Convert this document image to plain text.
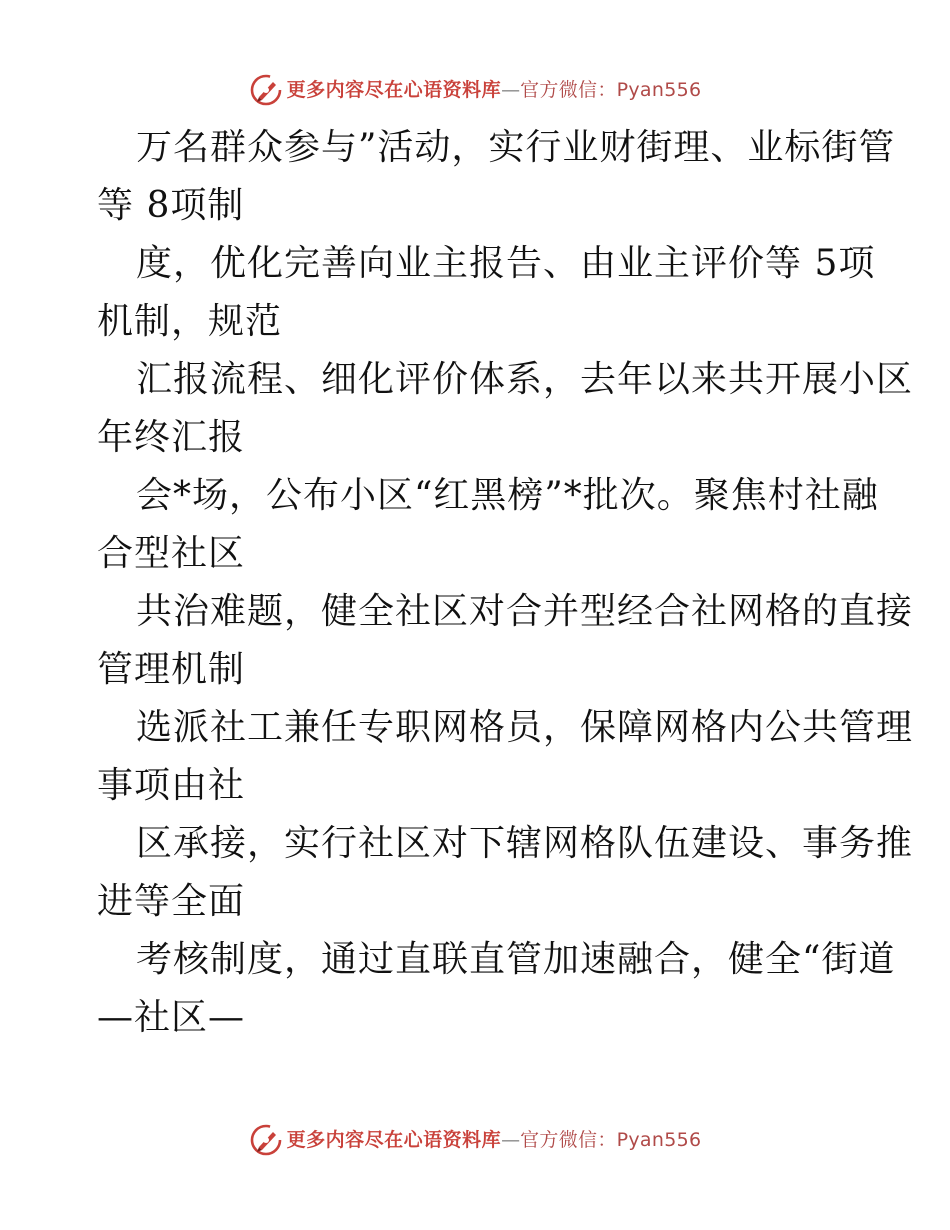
更多内容尽在心语资料库 — 官方微信：Pyan556
万名群众参与”活动，实行业财街理、业标街管
等 8项制
度，优化完善向业主报告、由业主评价等 5项
机制，规范
汇报流程、细化评价体系，去年以来共开展小区
年终汇报
会*场，公布小区“红黑榜”*批次。聚焦村社融
合型社区
共治难题，健全社区对合并型经合社网格的直接
管理机制
选派社工兼任专职网格员，保障网格内公共管理
事项由社
区承接，实行社区对下辖网格队伍建设、事务推
进等全面
考核制度，通过直联直管加速融合，健全“街道
—社区—
更多内容尽在心语资料库 — 官方微信：Pyan556
